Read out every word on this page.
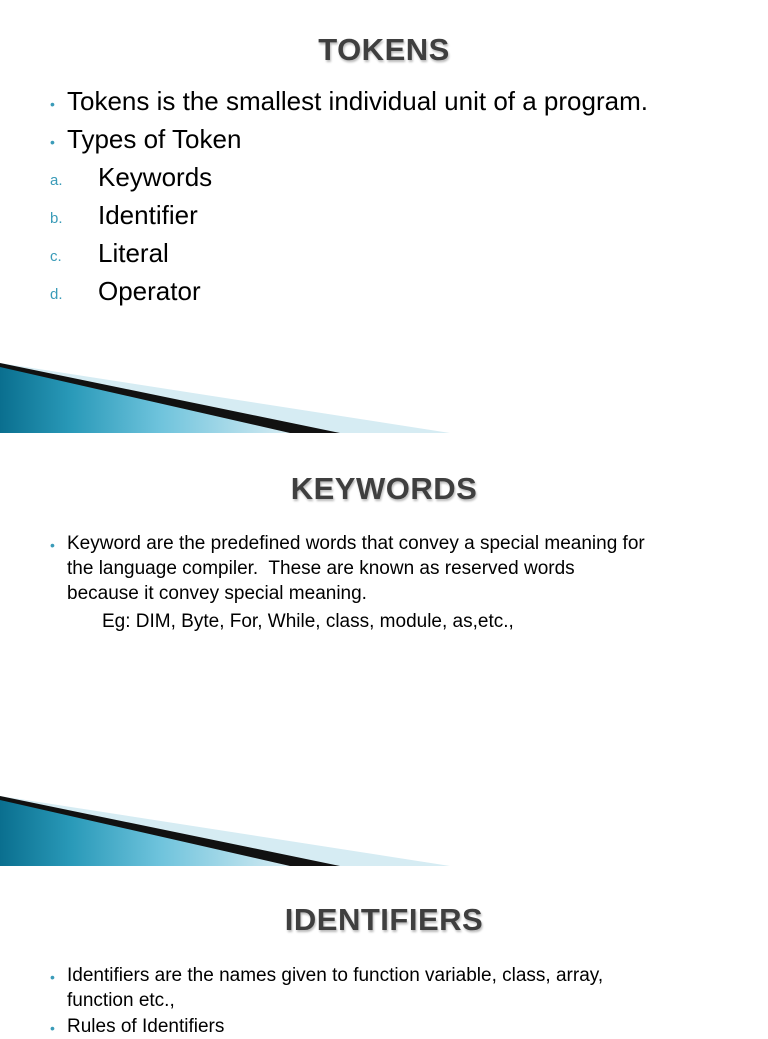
TOKENS
• Tokens is the smallest individual unit of a program.
• Types of Token
a. Keywords
b. Identifier
c. Literal
d. Operator
KEYWORDS
• Keyword are the predefined words that convey a special meaning for
the language compiler.  These are known as reserved words
because it convey special meaning.
Eg: DIM, Byte, For, While, class, module, as,etc.,
IDENTIFIERS
• Identifiers are the names given to function variable, class, array,
function etc.,
• Rules of Identifiers
